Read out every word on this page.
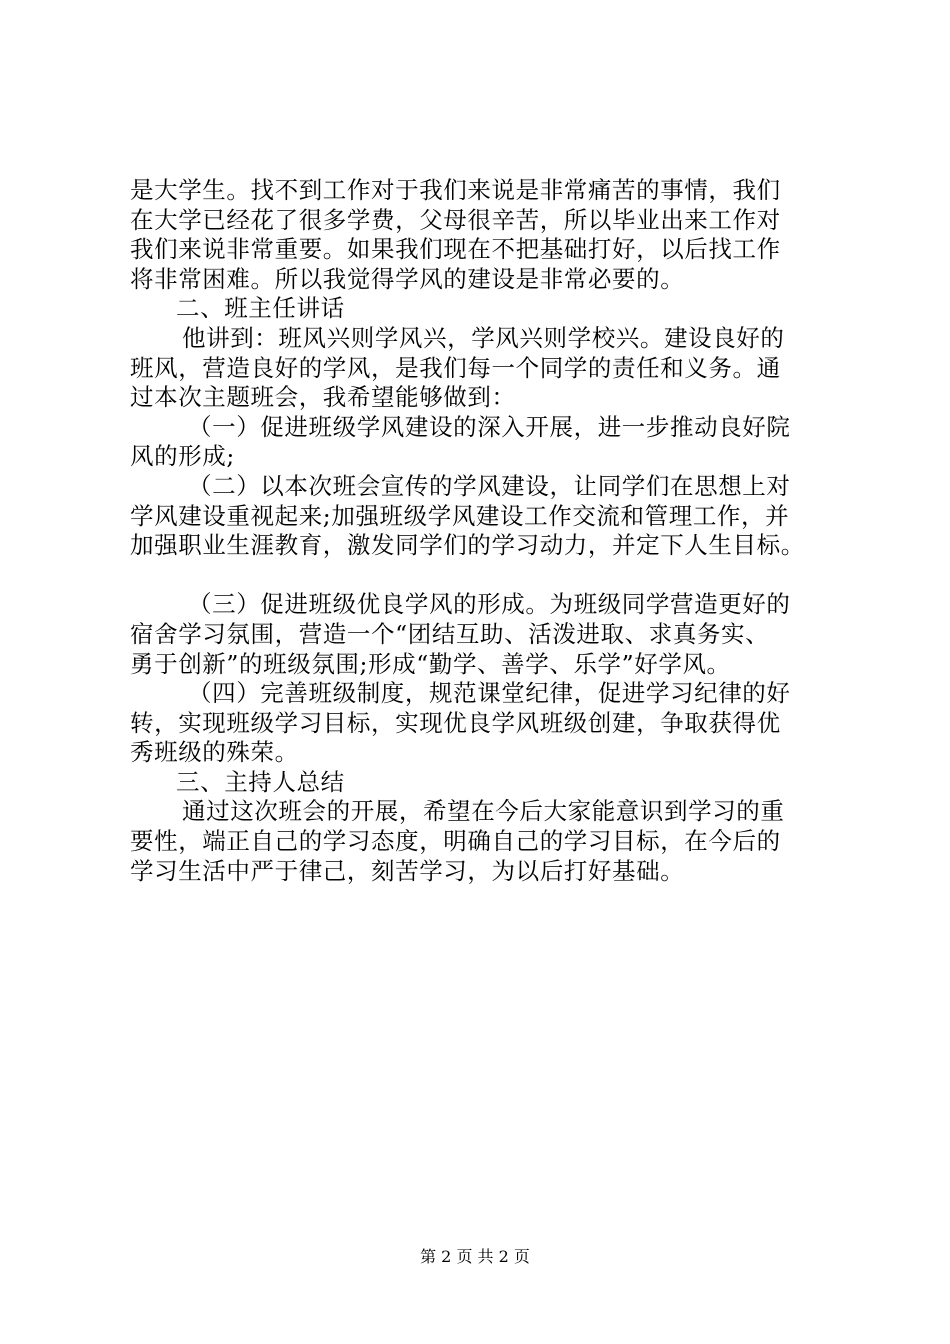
是大学生。找不到工作对于我们来说是非常痛苦的事情，我们
在大学已经花了很多学费，父母很辛苦，所以毕业出来工作对
我们来说非常重要。如果我们现在不把基础打好，以后找工作
将非常困难。所以我觉得学风的建设是非常必要的。
二、班主任讲话
他讲到：班风兴则学风兴，学风兴则学校兴。建设良好的
班风，营造良好的学风，是我们每一个同学的责任和义务。通
过本次主题班会，我希望能够做到：
（一）促进班级学风建设的深入开展，进一步推动良好院
风的形成;
（二）以本次班会宣传的学风建设，让同学们在思想上对
学风建设重视起来;加强班级学风建设工作交流和管理工作，并
加强职业生涯教育，激发同学们的学习动力，并定下人生目标。
（三）促进班级优良学风的形成。为班级同学营造更好的
宿舍学习氛围，营造一个“团结互助、活泼进取、求真务实、
勇于创新”的班级氛围;形成“勤学、善学、乐学”好学风。
（四）完善班级制度，规范课堂纪律，促进学习纪律的好
转，实现班级学习目标，实现优良学风班级创建，争取获得优
秀班级的殊荣。
三、主持人总结
通过这次班会的开展，希望在今后大家能意识到学习的重
要性，端正自己的学习态度，明确自己的学习目标，在今后的
学习生活中严于律己，刻苦学习，为以后打好基础。
第 2 页 共 2 页
